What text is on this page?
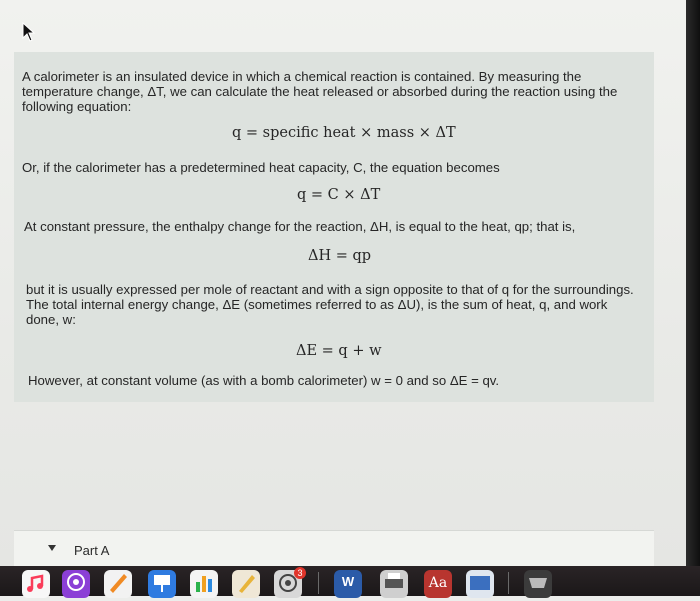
A calorimeter is an insulated device in which a chemical reaction is contained. By measuring the
temperature change, ΔT, we can calculate the heat released or absorbed during the reaction using the
following equation:
q = specific heat × mass × ΔT
Or, if the calorimeter has a predetermined heat capacity, C, the equation becomes
q = C × ΔT
At constant pressure, the enthalpy change for the reaction, ΔH, is equal to the heat, qp; that is,
ΔH = qp
but it is usually expressed per mole of reactant and with a sign opposite to that of q for the surroundings.
The total internal energy change, ΔE (sometimes referred to as ΔU), is the sum of heat, q, and work
done, w:
ΔE = q + w
However, at constant volume (as with a bomb calorimeter) w = 0 and so ΔE = qv.
Part A
3
W	Aa
